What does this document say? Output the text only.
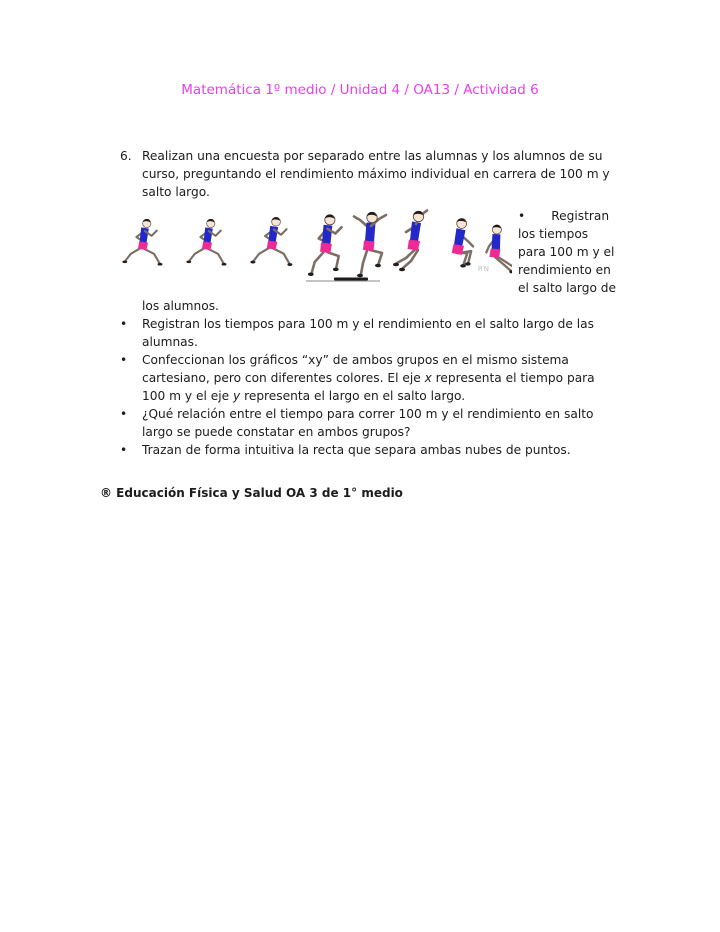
Matemática 1º medio / Unidad 4 / OA13 / Actividad 6
6. Realizan una encuesta por separado entre las alumnas y los alumnos de su curso, preguntando el rendimiento máximo individual en carrera de 100 m y salto largo.

RN
• Registran los tiempos para 100 m y el rendimiento en el salto largo de los alumnos.
•	Registran los tiempos para 100 m y el rendimiento en el salto largo de las alumnas.
•	Confeccionan los gráficos “xy” de ambos grupos en el mismo sistema cartesiano, pero con diferentes colores. El eje x representa el tiempo para 100 m y el eje y representa el largo en el salto largo.
•	¿Qué relación entre el tiempo para correr 100 m y el rendimiento en salto largo se puede constatar en ambos grupos?
•	Trazan de forma intuitiva la recta que separa ambas nubes de puntos.
® Educación Física y Salud OA 3 de 1° medio
